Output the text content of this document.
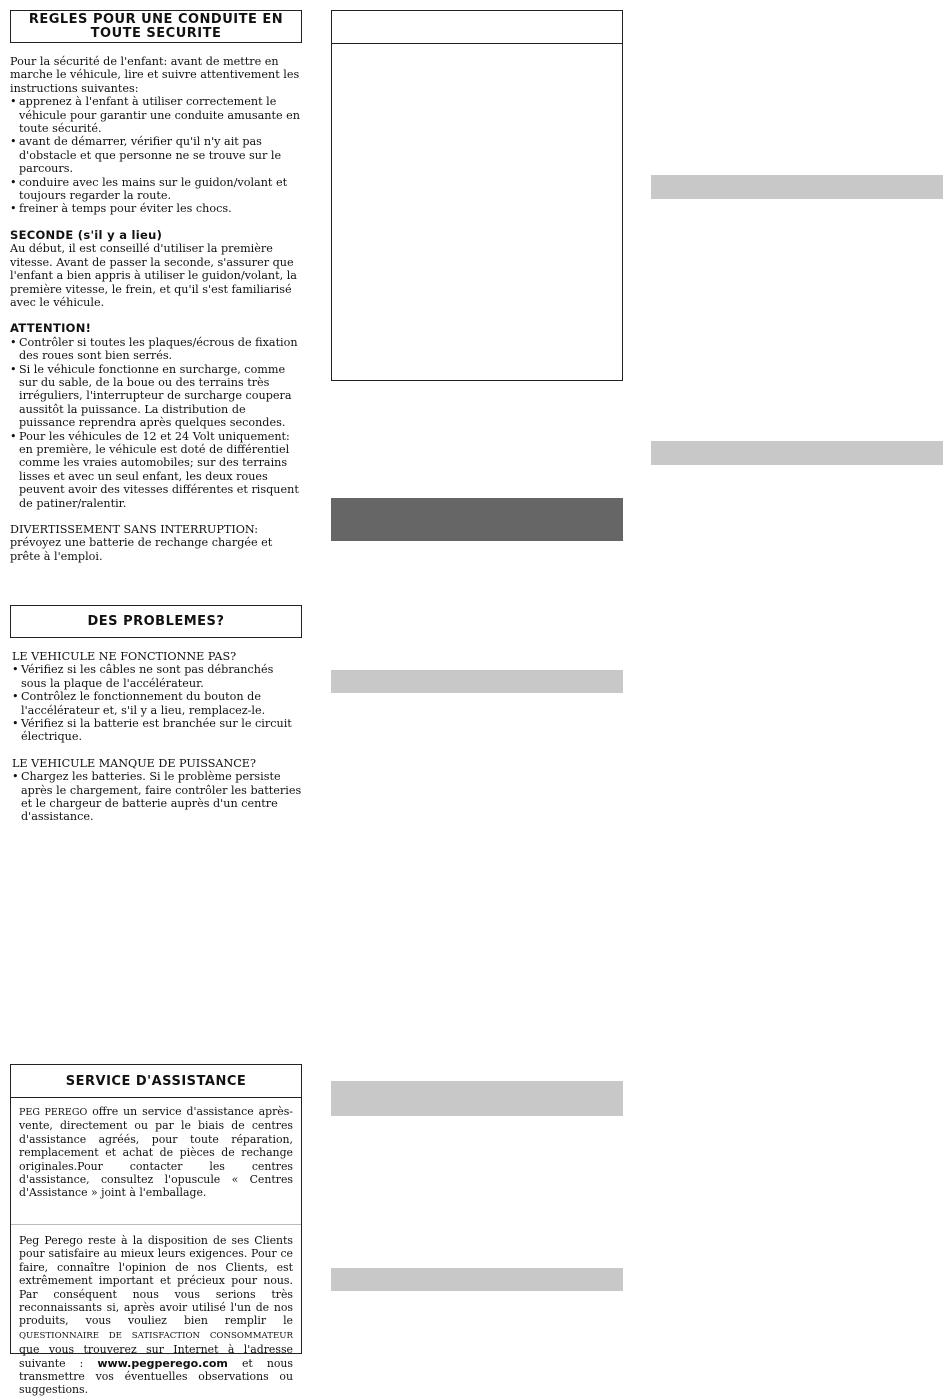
REGLES POUR UNE CONDUITE EN
TOUTE SECURITE

Pour la sécurité de l'enfant: avant de mettre en marche le véhicule, lire et suivre attentivement les instructions suivantes:

• apprenez à l'enfant à utiliser correctement le véhicule pour garantir une conduite amusante en toute sécurité.
• avant de démarrer, vérifier qu'il n'y ait pas d'obstacle et que personne ne se trouve sur le parcours.
• conduire avec les mains sur le guidon/volant et toujours regarder la route.
• freiner à temps pour éviter les chocs.
SECONDE (s'il y a lieu)

Au début, il est conseillé d'utiliser la première vitesse. Avant de passer la seconde, s'assurer que l'enfant a bien appris à utiliser le guidon/volant, la première vitesse, le frein, et qu'il s'est familiarisé avec le véhicule.

ATTENTION!
• Contrôler si toutes les plaques/écrous de fixation des roues sont bien serrés.
• Si le véhicule fonctionne en surcharge, comme sur du sable, de la boue ou des terrains très irréguliers, l'interrupteur de surcharge coupera aussitôt la puissance. La distribution de puissance reprendra après quelques secondes.
• Pour les véhicules de 12 et 24 Volt uniquement: en première, le véhicule est doté de différentiel comme les vraies automobiles; sur des terrains lisses et avec un seul enfant, les deux roues peuvent avoir des vitesses différentes et risquent de patiner/ralentir.

DIVERTISSEMENT SANS INTERRUPTION: prévoyez une batterie de rechange chargée et prête à l'emploi.

DES PROBLEMES?

LE VEHICULE NE FONCTIONNE PAS?

• Vérifiez si les câbles ne sont pas débranchés sous la plaque de l'accélérateur.
• Contrôlez le fonctionnement du bouton de l'accélérateur et, s'il y a lieu, remplacez-le.
• Vérifiez si la batterie est branchée sur le circuit électrique.

LE VEHICULE MANQUE DE PUISSANCE?

• Chargez les batteries. Si le problème persiste après le chargement, faire contrôler les batteries et le chargeur de batterie auprès d'un centre d'assistance.
SERVICE D'ASSISTANCE
PEG PEREGO offre un service d'assistance après-vente, directement ou par le biais de centres d'assistance agréés, pour toute réparation, remplacement et achat de pièces de rechange originales.Pour contacter les centres d'assistance, consultez l'opuscule « Centres d'Assistance » joint à l'emballage.
Peg Perego reste à la disposition de ses Clients pour satisfaire au mieux leurs exigences. Pour ce faire, connaître l'opinion de nos Clients, est extrêmement important et précieux pour nous. Par conséquent nous vous serions très reconnaissants si, après avoir utilisé l'un de nos produits, vous vouliez bien remplir le QUESTIONNAIRE DE SATISFACTION CONSOMMATEUR que vous trouverez sur Internet à l'adresse suivante : www.pegperego.com et nous transmettre vos éventuelles observations ou suggestions.
